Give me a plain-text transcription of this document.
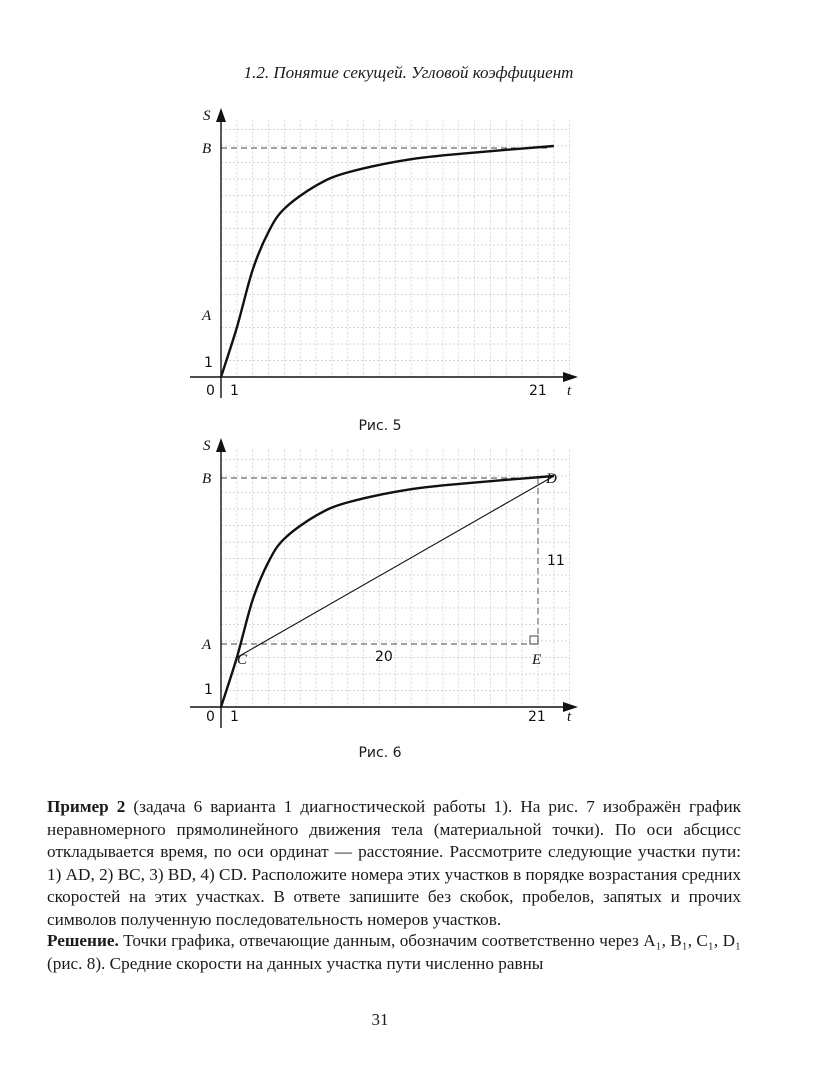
1.2. Понятие секущей. Угловой коэффициент
S
t
B
A
1
0 1	21
Рис. 5
S
t
B
A
C
D
E
20
11
1
0 1	21
Рис. 6

Пример 2 (задача 6 варианта 1 диагностической работы 1). На рис. 7 изображён график неравномерного прямолинейного движения тела (материальной точки). По оси абсцисс откладывается время, по оси ординат — расстояние. Рассмотрите следующие участки пути: 1) AD, 2) BC, 3) BD, 4) CD. Расположите номера этих участков в порядке возрастания средних скоростей на этих участках. В ответе запишите без скобок, пробелов, запятых и прочих символов полученную последовательность номеров участков.

Решение. Точки графика, отвечающие данным, обозначим соответственно через A₁, B₁, C₁, D₁ (рис. 8). Средние скорости на данных участка пути численно равны

31
